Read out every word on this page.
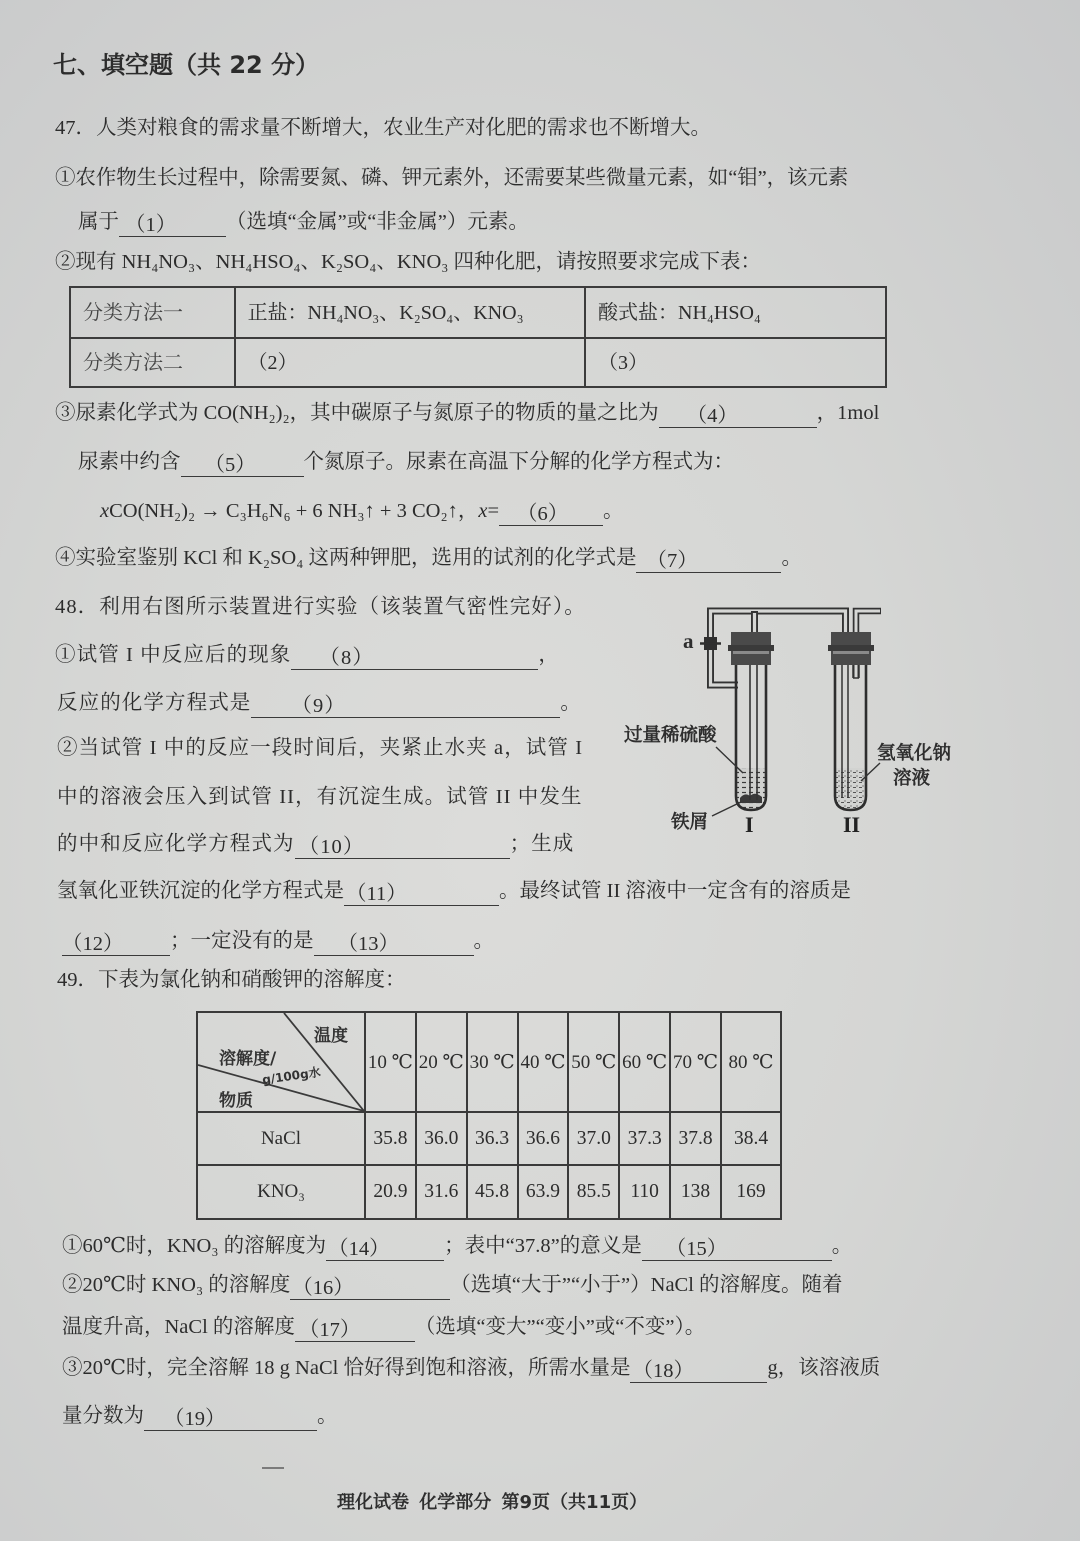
七、填空题（共 22 分）
47．人类对粮食的需求量不断增大，农业生产对化肥的需求也不断增大。
①农作物生长过程中，除需要氮、磷、钾元素外，还需要某些微量元素，如“钼”，该元素
属于 （1） （选填“金属”或“非金属”）元素。
②现有 NH₄NO₃、NH₄HSO₄、K₂SO₄、KNO₃ 四种化肥，请按照要求完成下表：
分类方法一	正盐：NH₄NO₃、K₂SO₄、KNO₃	酸式盐：NH₄HSO₄
分类方法二	（2）	（3）
③尿素化学式为 CO(NH₂)₂，其中碳原子与氮原子的物质的量之比为 （4）	，1mol
尿素中约含 （5） 个氮原子。尿素在高温下分解的化学方程式为：
xCO(NH₂)₂ → C₃H₆N₆ + 6 NH₃↑ + 3 CO₂↑，x= （6） 。
④实验室鉴别 KCl 和 K₂SO₄ 这两种钾肥，选用的试剂的化学式是 （7）	。
48．利用右图所示装置进行实验（该装置气密性完好）。
①试管 I 中反应后的现象 （8）	，
反应的化学方程式是 （9）	。
②当试管 I 中的反应一段时间后，夹紧止水夹 a，试管 I
中的溶液会压入到试管 II，有沉淀生成。试管 II 中发生
的中和反应化学方程式为 （10）	；生成
氢氧化亚铁沉淀的化学方程式是（11）	。最终试管 II 溶液中一定含有的溶质是
（12） ；一定没有的是 （13）	。
a
过量稀硫酸
氢氧化钠
溶液
铁屑 I	II
49．下表为氯化钠和硝酸钾的溶解度：
温度
溶解度/
g/100g水
物质	10 ℃	20 ℃	30 ℃	40 ℃	50 ℃	60 ℃	70 ℃	80 ℃
NaCl	35.8	36.0	36.3	36.6	37.0	37.3	37.8	38.4
KNO₃	20.9	31.6	45.8	63.9	85.5	110	138	169
①60℃时，KNO₃ 的溶解度为（14）	；表中“37.8”的意义是 （15）	。
②20℃时 KNO₃ 的溶解度（16）	（选填“大于”“小于”）NaCl 的溶解度。随着
温度升高，NaCl 的溶解度 （17）	（选填“变大”“变小”或“不变”）。
③20℃时，完全溶解 18 g NaCl 恰好得到饱和溶液，所需水量是（18）	g，该溶液质
量分数为 （19）	。
理化试卷 化学部分 第9页（共11页）
